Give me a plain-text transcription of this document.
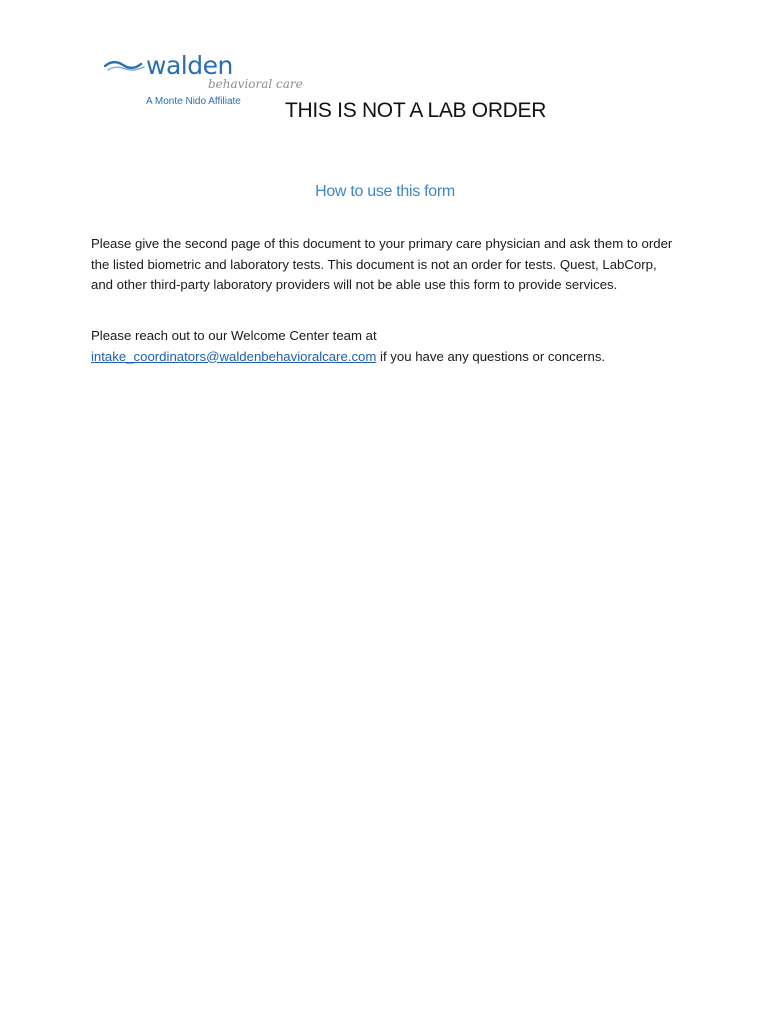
walden
behavioral care
A Monte Nido Affiliate THIS IS NOT A LAB ORDER
How to use this form

Please give the second page of this document to your primary care physician and ask them to order the listed biometric and laboratory tests. This document is not an order for tests. Quest, LabCorp, and other third-party laboratory providers will not be able use this form to provide services.

Please reach out to our Welcome Center team at
intake_coordinators@waldenbehavioralcare.com if you have any questions or concerns.
